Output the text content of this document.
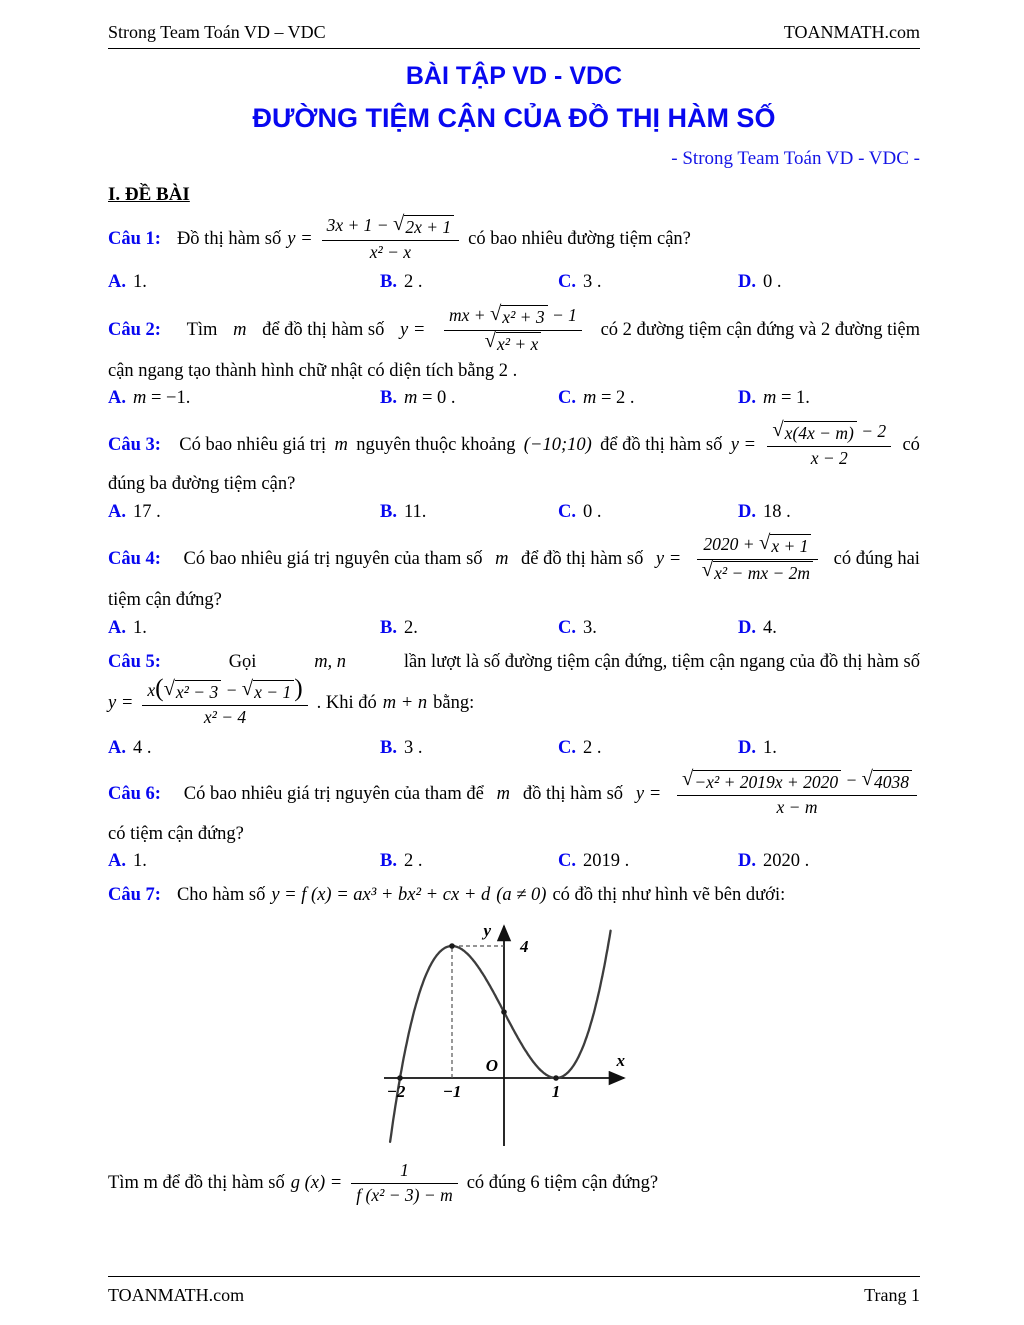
Strong Team Toán VD – VDC	TOANMATH.com
BÀI TẬP VD - VDC
ĐƯỜNG TIỆM CẬN CỦA ĐỒ THỊ HÀM SỐ
- Strong Team Toán VD - VDC -
I. ĐỀ BÀI
Câu 1: Đồ thị hàm số $y = \frac{3x + 1 - √ 2x + 1}{\text{x² − x}}$ có bao nhiêu đường tiệm cận?
A. 1.	B. 2 .	C. 3 .	D. 0 .
Câu 2: Tìm m để đồ thị hàm số $y = \frac{\text{mx + √ x² + 3 − 1}}{\text{√ x² + x}}$ có 2 đường tiệm cận đứng và 2 đường tiệm
cận ngang tạo thành hình chữ nhật có diện tích bằng 2 .
A. m = −1.	B. m = 0 .	C. m = 2 .	D. m = 1.
Câu 3: Có bao nhiêu giá trị m nguyên thuộc khoảng (−10;10) để đồ thị hàm số $y = \frac{√ x(4x - m) - 2}{x - 2}$ có
đúng ba đường tiệm cận?
A. 17 .	B. 11.	C. 0 .	D. 18 .
Câu 4: Có bao nhiêu giá trị nguyên của tham số m để đồ thị hàm số $y = \frac{2020 + √ x + 1}{\text{√ x² − mx − 2m}}$ có đúng hai
tiệm cận đứng?
A. 1.	B. 2.	C. 3.	D. 4.
Câu 5:	Gọi	m, n	lần lượt là số đường tiệm cận đứng, tiệm cận ngang của đồ thị hàm số
$y = \frac{\text{x( √ x² − 3 − √ x − 1 )}}{\text{x² − 4}}$ . Khi đó m + n bằng:
A. 4 .	B. 3 .	C. 2 .	D. 1.
Câu 6: Có bao nhiêu giá trị nguyên của tham để m đồ thị hàm số $y = \frac{\text{√ −x² + 2019x + 2020 − √ 4038}}{x - m}$
có tiệm cận đứng?
A. 1.	B. 2 .	C. 2019 .	D. 2020 .
Câu 7: Cho hàm số y = f (x) = ax³ + bx² + cx + d (a ≠ 0) có đồ thị như hình vẽ bên dưới:
−2 −1	1
4
x
y
O
Tìm m để đồ thị hàm số g $(x) = \frac{1}{\text{f (x² − 3) − m}}$ có đúng 6 tiệm cận đứng?
TOANMATH.com	Trang 1
